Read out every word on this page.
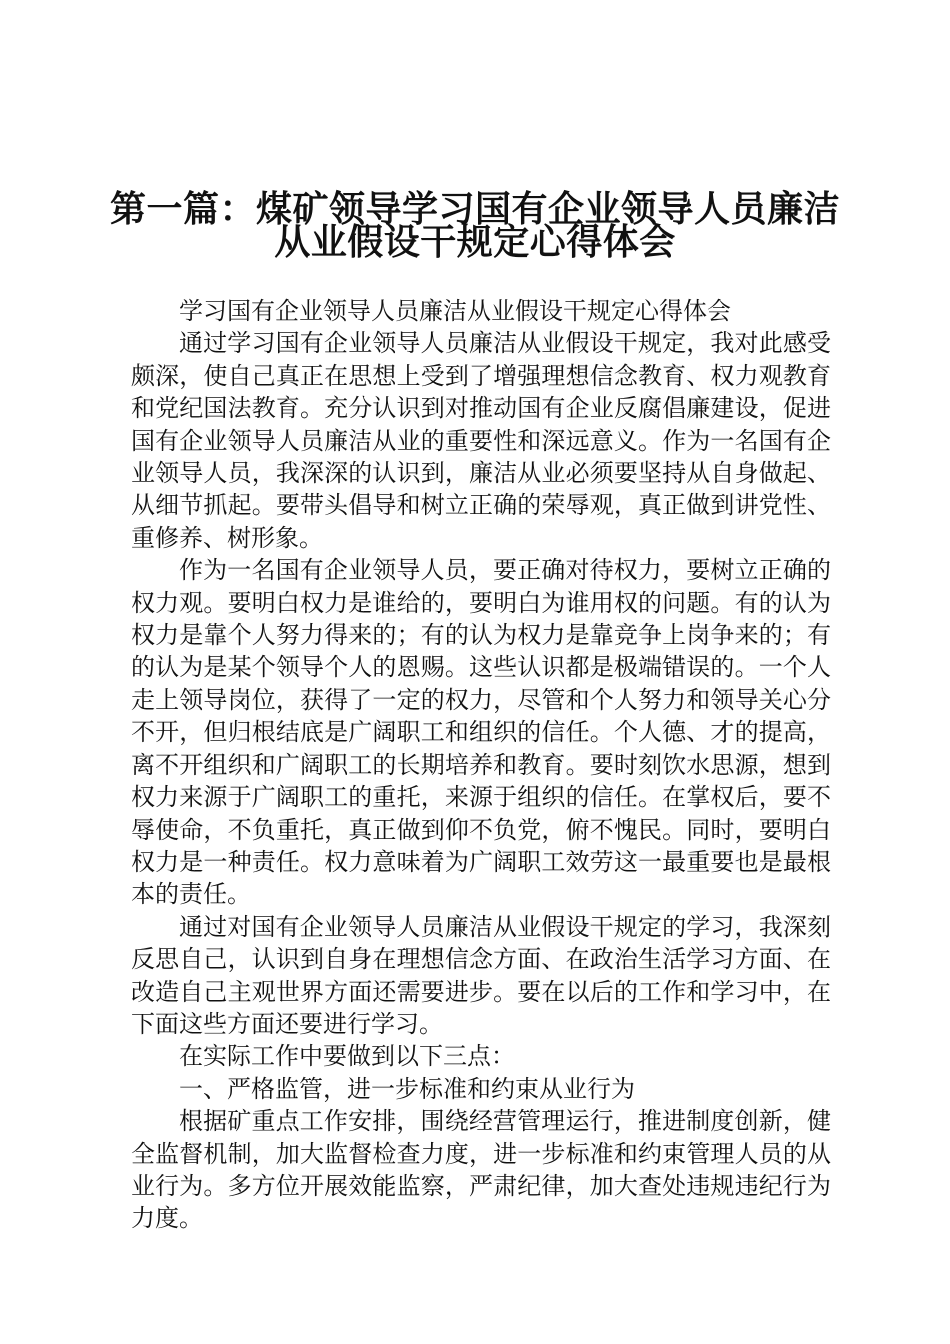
第一篇：煤矿领导学习国有企业领导人员廉洁
从业假设干规定心得体会

学习国有企业领导人员廉洁从业假设干规定心得体会

通过学习国有企业领导人员廉洁从业假设干规定，我对此感受颇深，使自己真正在思想上受到了增强理想信念教育、权力观教育和党纪国法教育。充分认识到对推动国有企业反腐倡廉建设，促进国有企业领导人员廉洁从业的重要性和深远意义。作为一名国有企业领导人员，我深深的认识到，廉洁从业必须要坚持从自身做起、从细节抓起。要带头倡导和树立正确的荣辱观，真正做到讲党性、重修养、树形象。

作为一名国有企业领导人员，要正确对待权力，要树立正确的权力观。要明白权力是谁给的，要明白为谁用权的问题。有的认为权力是靠个人努力得来的；有的认为权力是靠竞争上岗争来的；有的认为是某个领导个人的恩赐。这些认识都是极端错误的。一个人走上领导岗位，获得了一定的权力，尽管和个人努力和领导关心分不开，但归根结底是广阔职工和组织的信任。个人德、才的提高，离不开组织和广阔职工的长期培养和教育。要时刻饮水思源，想到权力来源于广阔职工的重托，来源于组织的信任。在掌权后，要不辱使命，不负重托，真正做到仰不负党，俯不愧民。同时，要明白权力是一种责任。权力意味着为广阔职工效劳这一最重要也是最根本的责任。

通过对国有企业领导人员廉洁从业假设干规定的学习，我深刻反思自己，认识到自身在理想信念方面、在政治生活学习方面、在改造自己主观世界方面还需要进步。要在以后的工作和学习中，在下面这些方面还要进行学习。

在实际工作中要做到以下三点：

一、严格监管，进一步标准和约束从业行为

根据矿重点工作安排，围绕经营管理运行，推进制度创新，健全监督机制，加大监督检查力度，进一步标准和约束管理人员的从业行为。多方位开展效能监察，严肃纪律，加大查处违规违纪行为力度。
